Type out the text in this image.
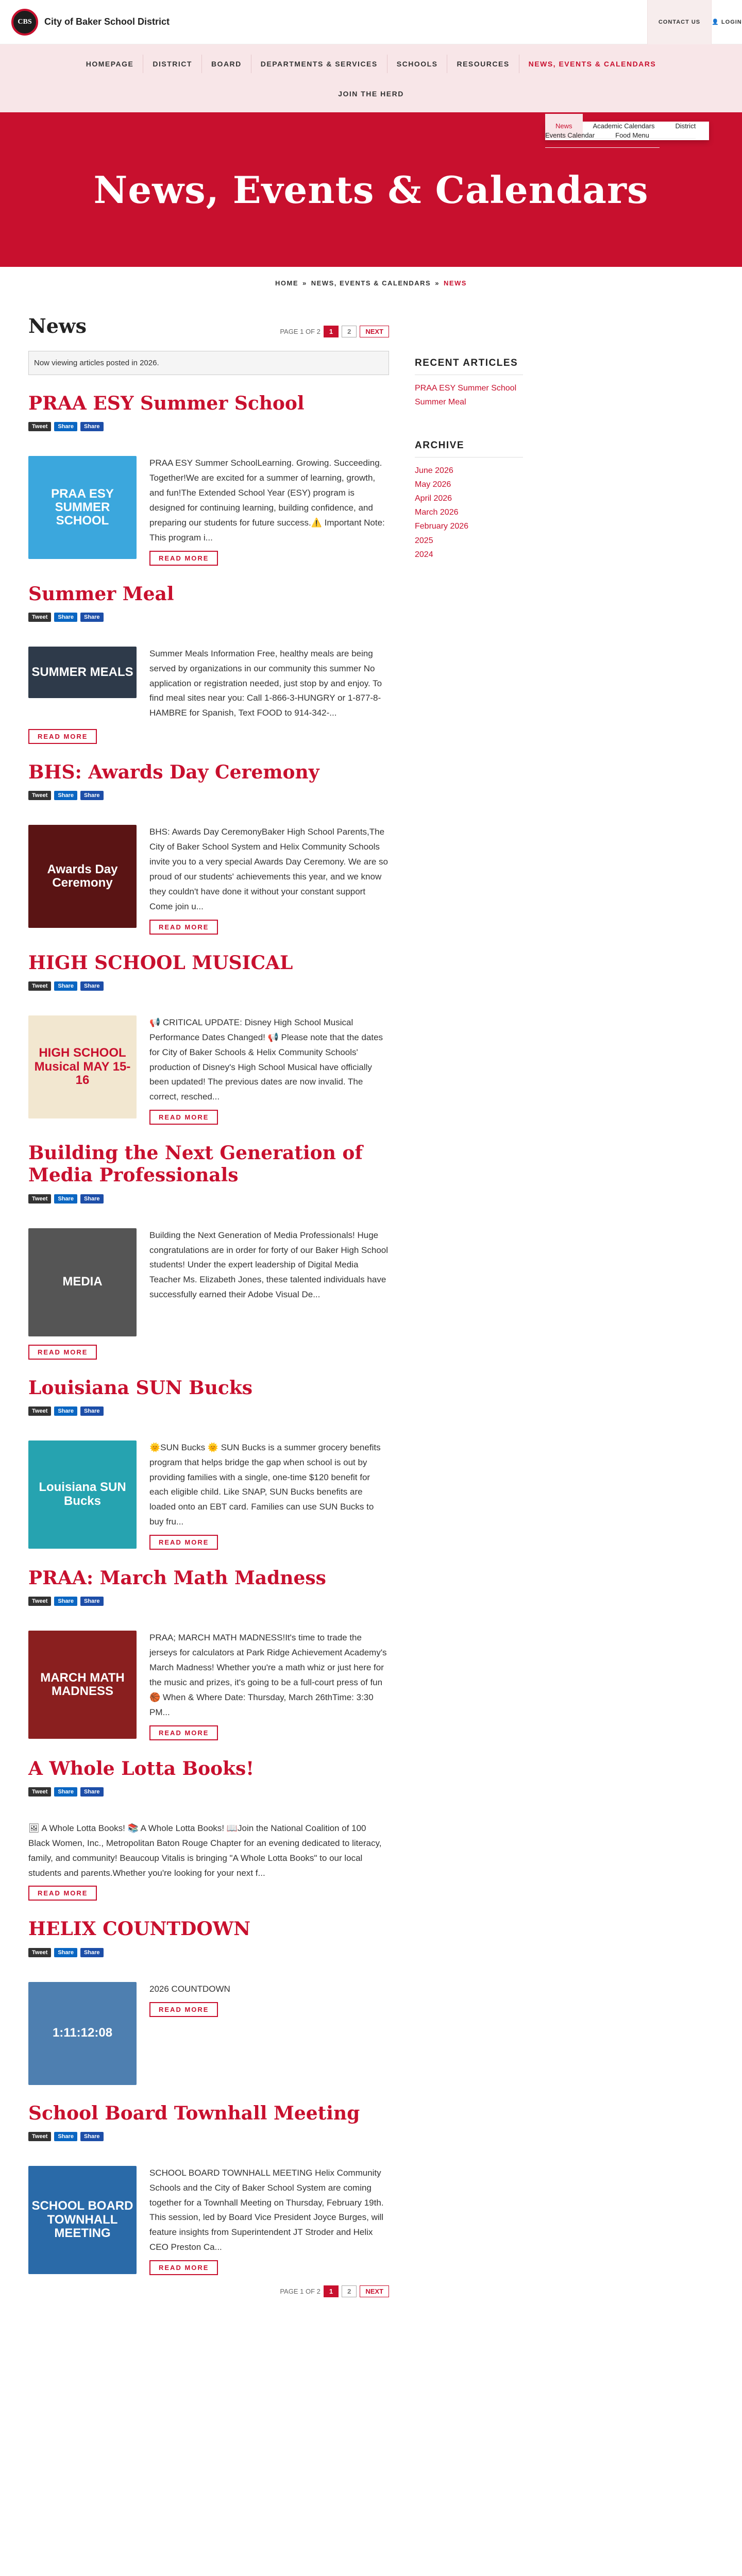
CBS	City of Baker School District	CONTACT US	👤 LOGIN
HOMEPAGE	DISTRICT	BOARD	DEPARTMENTS & SERVICES	SCHOOLS	RESOURCES	NEWS, EVENTS & CALENDARS
JOIN THE HERD
News	Academic Calendars	District Events Calendar	Food Menu
News, Events & Calendars
HOME » NEWS, EVENTS & CALENDARS » NEWS
News	PAGE 1 OF 2	1	2	NEXT
Now viewing articles posted in 2026.
PRAA ESY Summer School
Tweet	Share	Share
PRAA ESY SUMMER SCHOOL

PRAA ESY Summer SchoolLearning. Growing. Succeeding. Together!We are excited for a summer of learning, growth, and fun!The Extended School Year (ESY) program is designed for continuing learning, building confidence, and preparing our students for future success.⚠️ Important Note: This program i...

READ MORE
Summer Meal
Tweet	Share	Share
SUMMER MEALS

Summer Meals Information Free, healthy meals are being served by organizations in our community this summer No application or registration needed, just stop by and enjoy. To find meal sites near you: Call 1-866-3-HUNGRY or 1-877-8-HAMBRE for Spanish, Text FOOD to 914-342-...

READ MORE
BHS: Awards Day Ceremony
Tweet	Share	Share
Awards Day Ceremony

BHS: Awards Day CeremonyBaker High School Parents,The City of Baker School System and Helix Community Schools invite you to a very special Awards Day Ceremony. We are so proud of our students' achievements this year, and we know they couldn't have done it without your constant support Come join u...

READ MORE
HIGH SCHOOL MUSICAL
Tweet	Share	Share
HIGH SCHOOL Musical MAY 15-16

📢 CRITICAL UPDATE: Disney High School Musical Performance Dates Changed! 📢 Please note that the dates for City of Baker Schools & Helix Community Schools' production of Disney's High School Musical have officially been updated! The previous dates are now invalid. The correct, resched...

READ MORE
Building the Next Generation of Media Professionals
Tweet	Share	Share
MEDIA

Building the Next Generation of Media Professionals! Huge congratulations are in order for forty of our Baker High School students! Under the expert leadership of Digital Media Teacher Ms. Elizabeth Jones, these talented individuals have successfully earned their Adobe Visual De...

READ MORE
Louisiana SUN Bucks
Tweet	Share	Share
Louisiana SUN Bucks

🌞SUN Bucks 🌞 SUN Bucks is a summer grocery benefits program that helps bridge the gap when school is out by providing families with a single, one-time $120 benefit for each eligible child. Like SNAP, SUN Bucks benefits are loaded onto an EBT card. Families can use SUN Bucks to buy fru...

READ MORE
PRAA: March Math Madness
Tweet	Share	Share
MARCH MATH MADNESS

PRAA; MARCH MATH MADNESS!It's time to trade the jerseys for calculators at Park Ridge Achievement Academy's March Madness! Whether you're a math whiz or just here for the music and prizes, it's going to be a full-court press of fun 🏀 When & Where Date: Thursday, March 26thTime: 3:30 PM...

READ MORE
A Whole Lotta Books!
Tweet	Share	Share

🖼 A Whole Lotta Books! 📚 A Whole Lotta Books! 📖Join the National Coalition of 100 Black Women, Inc., Metropolitan Baton Rouge Chapter for an evening dedicated to literacy, family, and community! Beaucoup Vitalis is bringing "A Whole Lotta Books" to our local students and parents.Whether you're looking for your next f...

READ MORE
HELIX COUNTDOWN
Tweet	Share	Share
1:11:12:08

2026 COUNTDOWN

READ MORE
School Board Townhall Meeting
Tweet	Share	Share
SCHOOL BOARD TOWNHALL MEETING

SCHOOL BOARD TOWNHALL MEETING Helix Community Schools and the City of Baker School System are coming together for a Townhall Meeting on Thursday, February 19th. This session, led by Board Vice President Joyce Burges, will feature insights from Superintendent JT Stroder and Helix CEO Preston Ca...

READ MORE
PAGE 1 OF 2	1	2	NEXT
RECENT ARTICLES
PRAA ESY Summer School
Summer Meal
ARCHIVE
June 2026
May 2026
April 2026
March 2026
February 2026
2025
2024
